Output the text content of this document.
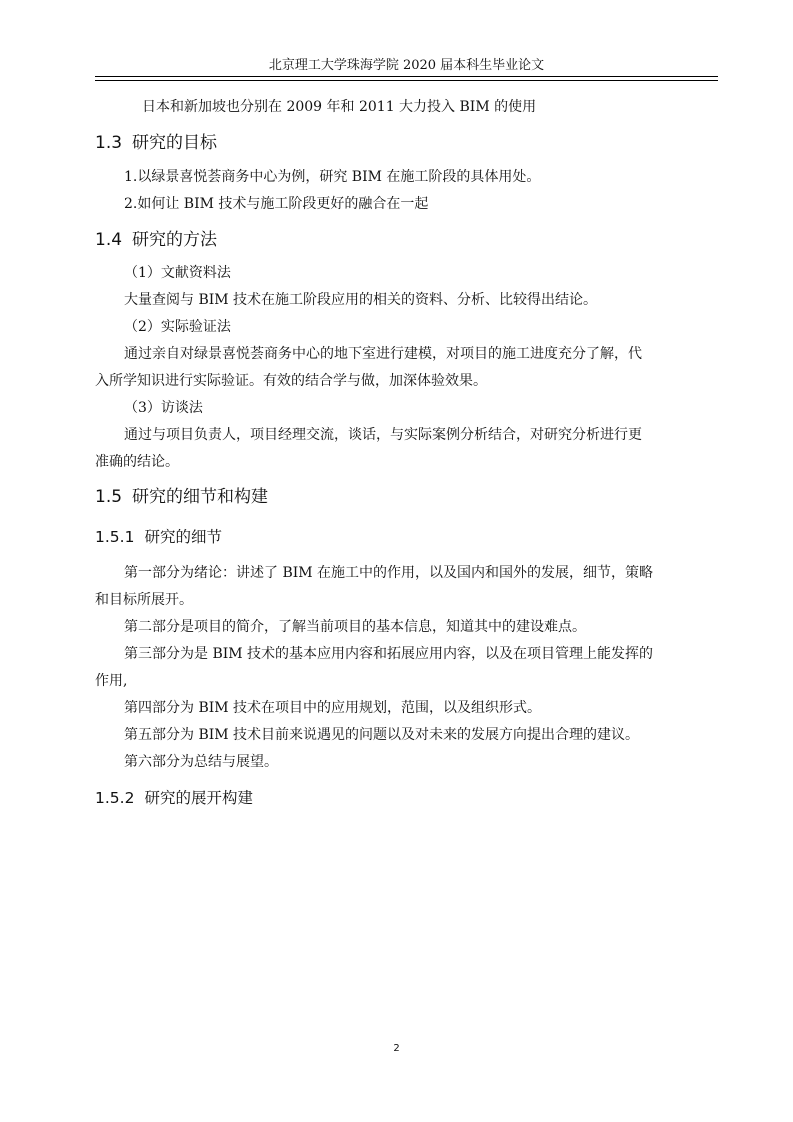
北京理工大学珠海学院 2020 届本科生毕业论文
日本和新加坡也分别在 2009 年和 2011 大力投入 BIM 的使用
1.3 研究的目标
1.以绿景喜悦荟商务中心为例，研究 BIM 在施工阶段的具体用处。
2.如何让 BIM 技术与施工阶段更好的融合在一起
1.4 研究的方法
（1）文献资料法
大量查阅与 BIM 技术在施工阶段应用的相关的资料、分析、比较得出结论。
（2）实际验证法
通过亲自对绿景喜悦荟商务中心的地下室进行建模，对项目的施工进度充分了解，代
入所学知识进行实际验证。有效的结合学与做，加深体验效果。
（3）访谈法
通过与项目负责人，项目经理交流，谈话，与实际案例分析结合，对研究分析进行更
准确的结论。
1.5 研究的细节和构建
1.5.1 研究的细节
第一部分为绪论：讲述了 BIM 在施工中的作用，以及国内和国外的发展，细节，策略
和目标所展开。
第二部分是项目的简介，了解当前项目的基本信息，知道其中的建设难点。
第三部分为是 BIM 技术的基本应用内容和拓展应用内容，以及在项目管理上能发挥的
作用,
第四部分为 BIM 技术在项目中的应用规划，范围，以及组织形式。
第五部分为 BIM 技术目前来说遇见的问题以及对未来的发展方向提出合理的建议。
第六部分为总结与展望。
1.5.2 研究的展开构建
2
